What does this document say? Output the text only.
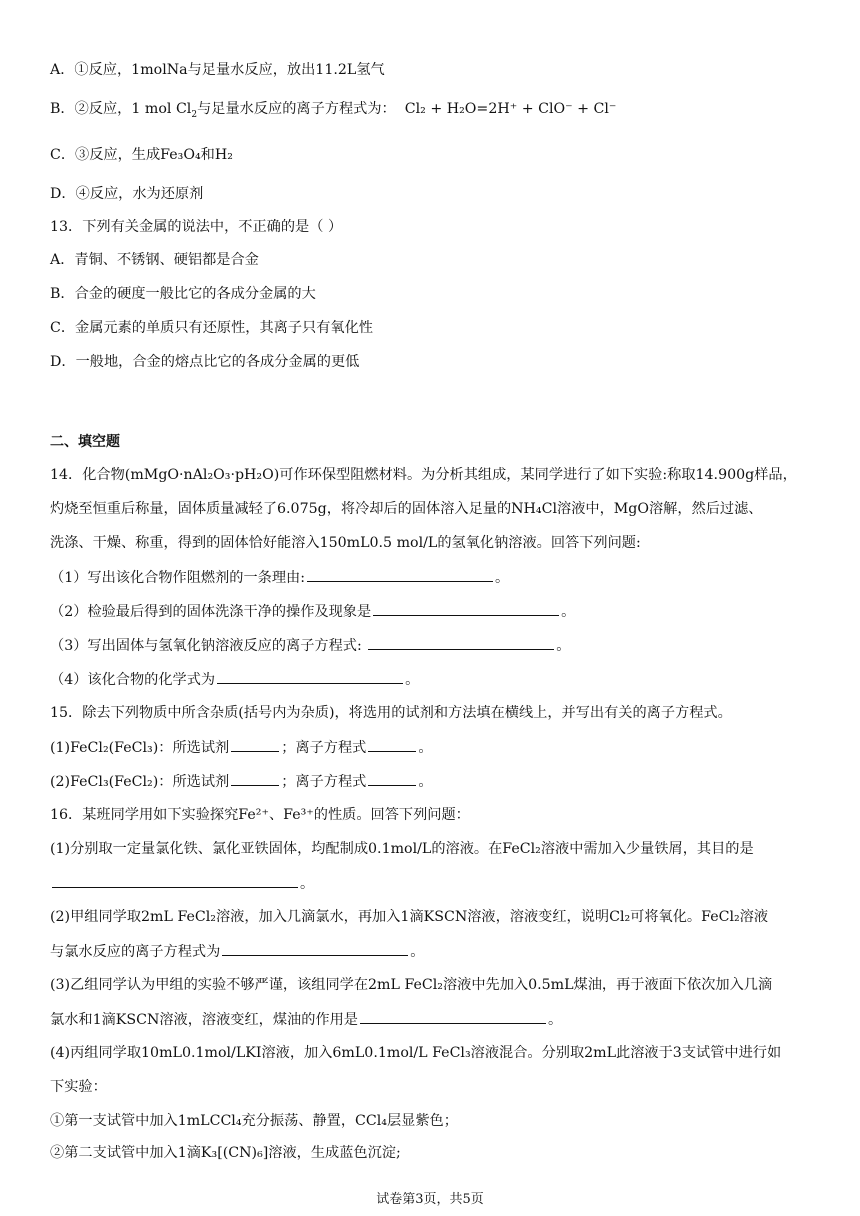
A．①反应，1molNa与足量水反应，放出11.2L氢气
B．②反应，1 mol $Cl_2$与足量水反应的离子方程式为： Cl₂ + H₂O=2H⁺ + ClO⁻ + Cl⁻
C．③反应，生成Fe₃O₄和H₂
D．④反应，水为还原剂
13．下列有关金属的说法中，不正确的是（ ）
A．青铜、不锈钢、硬铝都是合金
B．合金的硬度一般比它的各成分金属的大
C．金属元素的单质只有还原性，其离子只有氧化性
D．一般地，合金的熔点比它的各成分金属的更低
二、填空题
14．化合物(mMgO·nAl₂O₃·pH₂O)可作环保型阻燃材料。为分析其组成，某同学进行了如下实验:称取14.900g样品，
灼烧至恒重后称量，固体质量减轻了6.075g，将冷却后的固体溶入足量的NH₄Cl溶液中，MgO溶解，然后过滤、
洗涤、干燥、称重，得到的固体恰好能溶入150mL0.5 mol/L的氢氧化钠溶液。回答下列问题:
（1）写出该化合物作阻燃剂的一条理由:	。
（2）检验最后得到的固体洗涤干净的操作及现象是	。
（3）写出固体与氢氧化钠溶液反应的离子方程式:	。
（4）该化合物的化学式为	。
15．除去下列物质中所含杂质(括号内为杂质)，将选用的试剂和方法填在横线上，并写出有关的离子方程式。
(1)FeCl₂(FeCl₃)：所选试剂	；离子方程式	。
(2)FeCl₃(FeCl₂)：所选试剂	；离子方程式	。
16．某班同学用如下实验探究Fe²⁺、Fe³⁺的性质。回答下列问题：
(1)分别取一定量氯化铁、氯化亚铁固体，均配制成0.1mol/L的溶液。在FeCl₂溶液中需加入少量铁屑，其目的是
。
(2)甲组同学取2mL FeCl₂溶液，加入几滴氯水，再加入1滴KSCN溶液，溶液变红，说明Cl₂可将氧化。FeCl₂溶液
与氯水反应的离子方程式为	。
(3)乙组同学认为甲组的实验不够严谨，该组同学在2mL FeCl₂溶液中先加入0.5mL煤油，再于液面下依次加入几滴
氯水和1滴KSCN溶液，溶液变红，煤油的作用是	。
(4)丙组同学取10mL0.1mol/LKI溶液，加入6mL0.1mol/L FeCl₃溶液混合。分别取2mL此溶液于3支试管中进行如
下实验：
①第一支试管中加入1mLCCl₄充分振荡、静置，CCl₄层显紫色；
②第二支试管中加入1滴K₃[(CN)₆]溶液，生成蓝色沉淀;
试卷第3页，共5页
